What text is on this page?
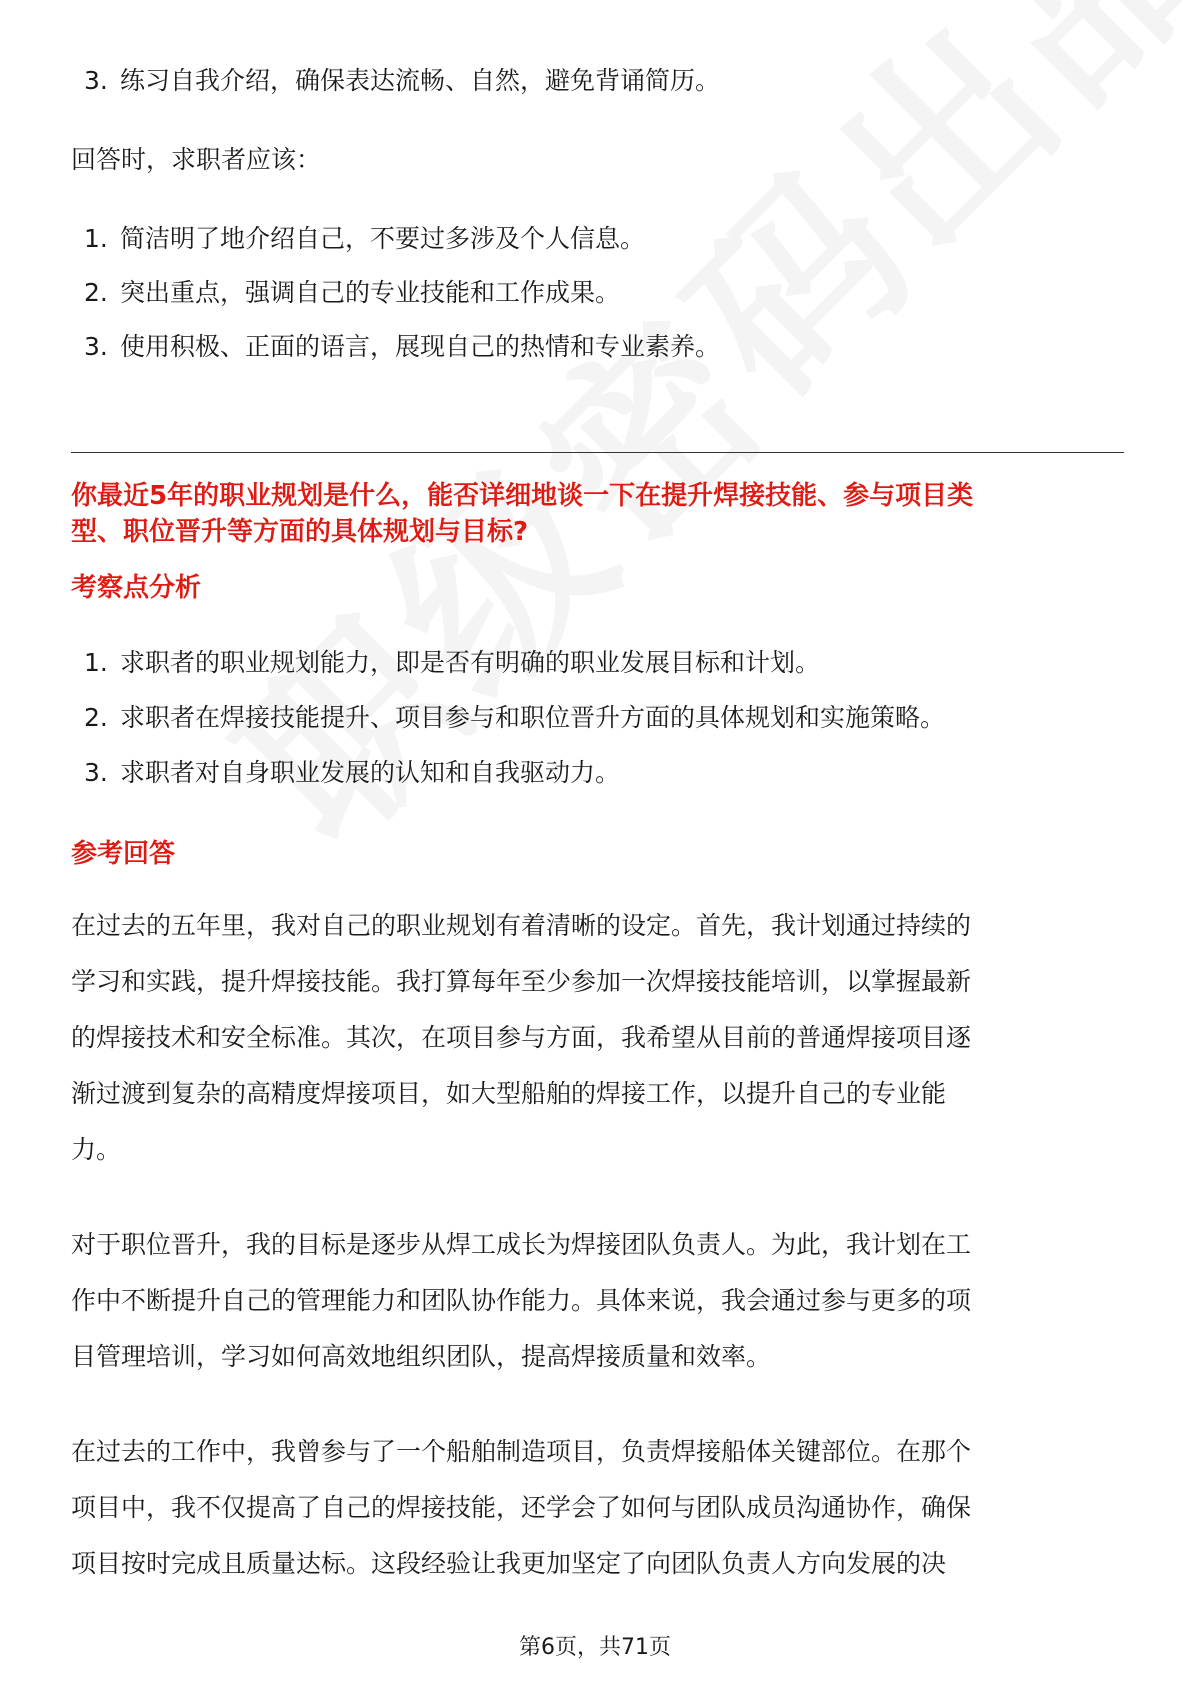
3. 练习自我介绍，确保表达流畅、自然，避免背诵简历。
回答时，求职者应该：
1. 简洁明了地介绍自己，不要过多涉及个人信息。
2. 突出重点，强调自己的专业技能和工作成果。
3. 使用积极、正面的语言，展现自己的热情和专业素养。
你最近5年的职业规划是什么，能否详细地谈一下在提升焊接技能、参与项目类
型、职位晋升等方面的具体规划与目标?
考察点分析
1. 求职者的职业规划能力，即是否有明确的职业发展目标和计划。
2. 求职者在焊接技能提升、项目参与和职位晋升方面的具体规划和实施策略。
3. 求职者对自身职业发展的认知和自我驱动力。
参考回答
在过去的五年里，我对自己的职业规划有着清晰的设定。首先，我计划通过持续的
学习和实践，提升焊接技能。我打算每年至少参加一次焊接技能培训，以掌握最新
的焊接技术和安全标准。其次，在项目参与方面，我希望从目前的普通焊接项目逐
渐过渡到复杂的高精度焊接项目，如大型船舶的焊接工作，以提升自己的专业能
力。
对于职位晋升，我的目标是逐步从焊工成长为焊接团队负责人。为此，我计划在工
作中不断提升自己的管理能力和团队协作能力。具体来说，我会通过参与更多的项
目管理培训，学习如何高效地组织团队，提高焊接质量和效率。
在过去的工作中，我曾参与了一个船舶制造项目，负责焊接船体关键部位。在那个
项目中，我不仅提高了自己的焊接技能，还学会了如何与团队成员沟通协作，确保
项目按时完成且质量达标。这段经验让我更加坚定了向团队负责人方向发展的决
第6页，共71页
